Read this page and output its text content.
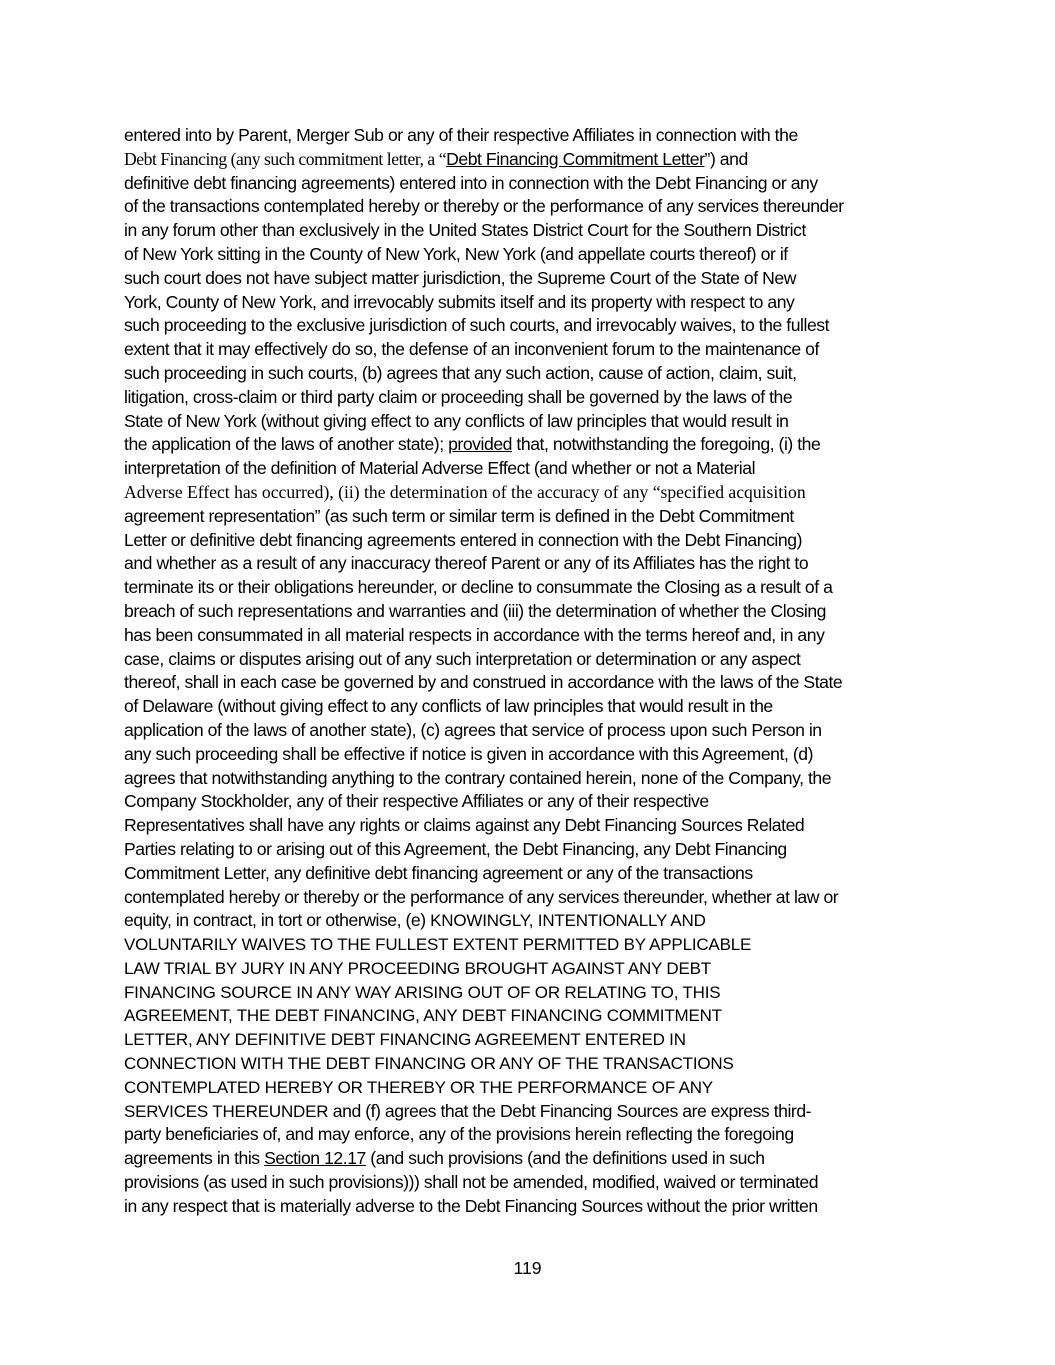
entered into by Parent, Merger Sub or any of their respective Affiliates in connection with the
Debt Financing (any such commitment letter, a “Debt Financing Commitment Letter”) and
definitive debt financing agreements) entered into in connection with the Debt Financing or any
of the transactions contemplated hereby or thereby or the performance of any services thereunder
in any forum other than exclusively in the United States District Court for the Southern District
of New York sitting in the County of New York, New York (and appellate courts thereof) or if
such court does not have subject matter jurisdiction, the Supreme Court of the State of New
York, County of New York, and irrevocably submits itself and its property with respect to any
such proceeding to the exclusive jurisdiction of such courts, and irrevocably waives, to the fullest
extent that it may effectively do so, the defense of an inconvenient forum to the maintenance of
such proceeding in such courts, (b) agrees that any such action, cause of action, claim, suit,
litigation, cross-claim or third party claim or proceeding shall be governed by the laws of the
State of New York (without giving effect to any conflicts of law principles that would result in
the application of the laws of another state); provided that, notwithstanding the foregoing, (i) the
interpretation of the definition of Material Adverse Effect (and whether or not a Material
Adverse Effect has occurred), (ii) the determination of the accuracy of any “specified acquisition
agreement representation” (as such term or similar term is defined in the Debt Commitment
Letter or definitive debt financing agreements entered in connection with the Debt Financing)
and whether as a result of any inaccuracy thereof Parent or any of its Affiliates has the right to
terminate its or their obligations hereunder, or decline to consummate the Closing as a result of a
breach of such representations and warranties and (iii) the determination of whether the Closing
has been consummated in all material respects in accordance with the terms hereof and, in any
case, claims or disputes arising out of any such interpretation or determination or any aspect
thereof, shall in each case be governed by and construed in accordance with the laws of the State
of Delaware (without giving effect to any conflicts of law principles that would result in the
application of the laws of another state), (c) agrees that service of process upon such Person in
any such proceeding shall be effective if notice is given in accordance with this Agreement, (d)
agrees that notwithstanding anything to the contrary contained herein, none of the Company, the
Company Stockholder, any of their respective Affiliates or any of their respective
Representatives shall have any rights or claims against any Debt Financing Sources Related
Parties relating to or arising out of this Agreement, the Debt Financing, any Debt Financing
Commitment Letter, any definitive debt financing agreement or any of the transactions
contemplated hereby or thereby or the performance of any services thereunder, whether at law or
equity, in contract, in tort or otherwise, (e) KNOWINGLY, INTENTIONALLY AND
VOLUNTARILY WAIVES TO THE FULLEST EXTENT PERMITTED BY APPLICABLE
LAW TRIAL BY JURY IN ANY PROCEEDING BROUGHT AGAINST ANY DEBT
FINANCING SOURCE IN ANY WAY ARISING OUT OF OR RELATING TO, THIS
AGREEMENT, THE DEBT FINANCING, ANY DEBT FINANCING COMMITMENT
LETTER, ANY DEFINITIVE DEBT FINANCING AGREEMENT ENTERED IN
CONNECTION WITH THE DEBT FINANCING OR ANY OF THE TRANSACTIONS
CONTEMPLATED HEREBY OR THEREBY OR THE PERFORMANCE OF ANY
SERVICES THEREUNDER and (f) agrees that the Debt Financing Sources are express third-
party beneficiaries of, and may enforce, any of the provisions herein reflecting the foregoing
agreements in this Section 12.17 (and such provisions (and the definitions used in such
provisions (as used in such provisions))) shall not be amended, modified, waived or terminated
in any respect that is materially adverse to the Debt Financing Sources without the prior written
119
